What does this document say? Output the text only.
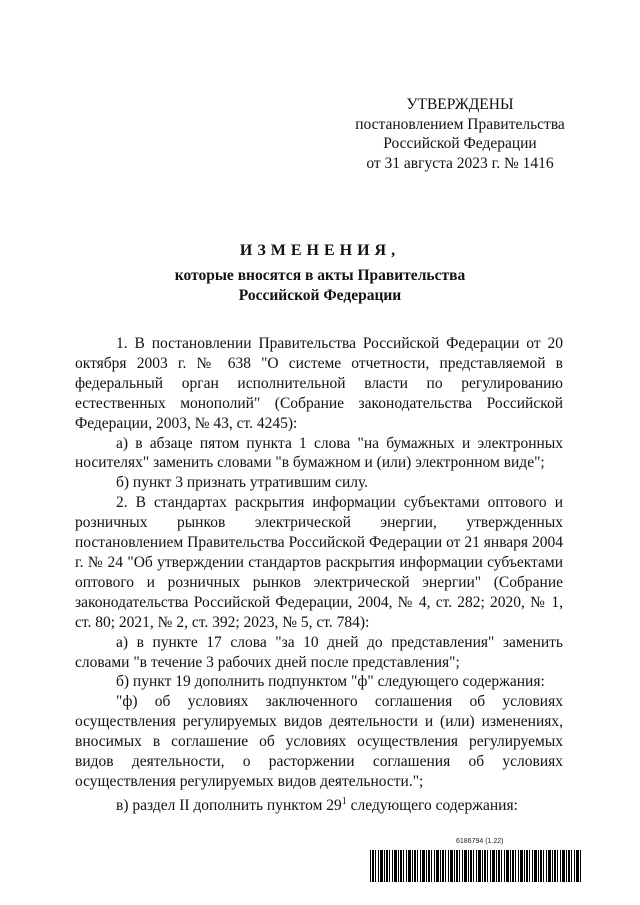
УТВЕРЖДЕНЫ
постановлением Правительства
Российской Федерации
от 31 августа 2023 г. № 1416
ИЗМЕНЕНИЯ,
которые вносятся в акты Правительства
Российской Федерации

1. В постановлении Правительства Российской Федерации от 20 октября 2003 г. № 638 "О системе отчетности, представляемой в федеральный орган исполнительной власти по регулированию естественных монополий" (Собрание законодательства Российской Федерации, 2003, № 43, ст. 4245):

а) в абзаце пятом пункта 1 слова "на бумажных и электронных носителях" заменить словами "в бумажном и (или) электронном виде";

б) пункт 3 признать утратившим силу.

2. В стандартах раскрытия информации субъектами оптового и розничных рынков электрической энергии, утвержденных постановлением Правительства Российской Федерации от 21 января 2004 г. № 24 "Об утверждении стандартов раскрытия информации субъектами оптового и розничных рынков электрической энергии" (Собрание законодательства Российской Федерации, 2004, № 4, ст. 282; 2020, № 1, ст. 80; 2021, № 2, ст. 392; 2023, № 5, ст. 784):

а) в пункте 17 слова "за 10 дней до представления" заменить словами "в течение 3 рабочих дней после представления";

б) пункт 19 дополнить подпунктом "ф" следующего содержания:

"ф) об условиях заключенного соглашения об условиях осуществления регулируемых видов деятельности и (или) изменениях, вносимых в соглашение об условиях осуществления регулируемых видов деятельности, о расторжении соглашения об условиях осуществления регулируемых видов деятельности.";

в) раздел II дополнить пунктом $29^1$ следующего содержания:

6186794 (1.22)
